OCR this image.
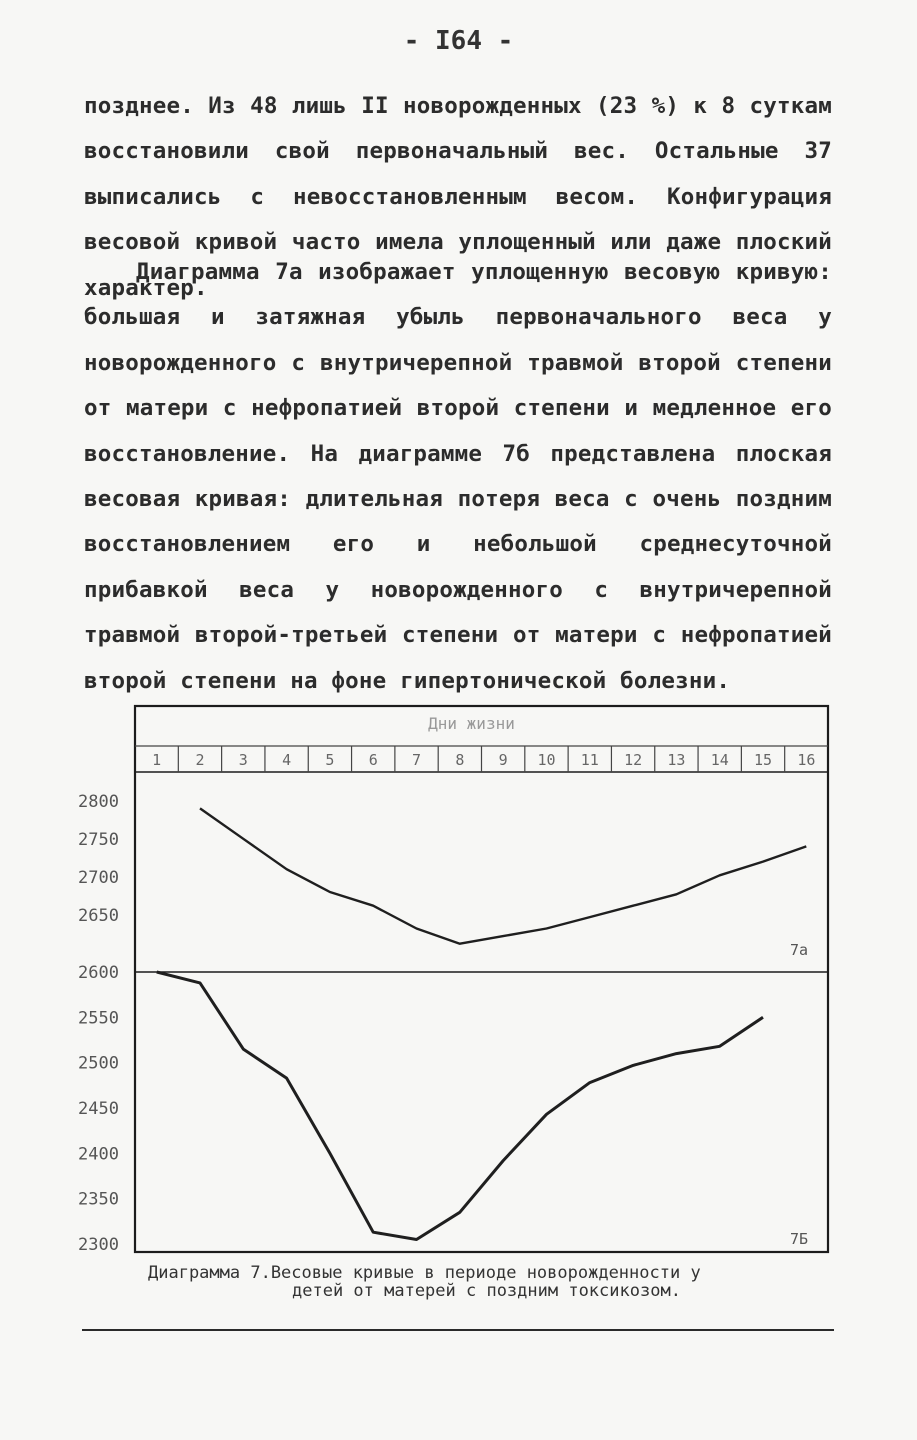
- I64 -
позднее. Из 48 лишь II новорожденных (23 %) к 8 суткам восстановили свой первоначальный вес. Остальные 37 выписались с невосстановленным весом. Конфигурация весовой кривой часто имела уплощенный или даже плоский характер.
Диаграмма 7а изображает уплощенную весовую кривую: большая и затяжная убыль первоначального веса у новорожденного с внутричерепной травмой второй степени от матери с нефропатией второй степени и медленное его восстановление. На диаграмме 7б представлена плоская весовая кривая: длительная потеря веса с очень поздним восстановлением его и небольшой среднесуточной прибавкой веса у новорожденного с внутричерепной травмой второй-третьей степени от матери с нефропатией второй степени на фоне гипертонической болезни.
Дни жизни
1 2 3 4 5 6 7 8 9 10 11 12 13 14 15 16
2800
2750
2700
2650
7а
2600
2550
2500
2450
2400
2350
2300	7Б
Диаграмма 7.Весовые кривые в периоде новорожденности у
детей от матерей с поздним токсикозом.
